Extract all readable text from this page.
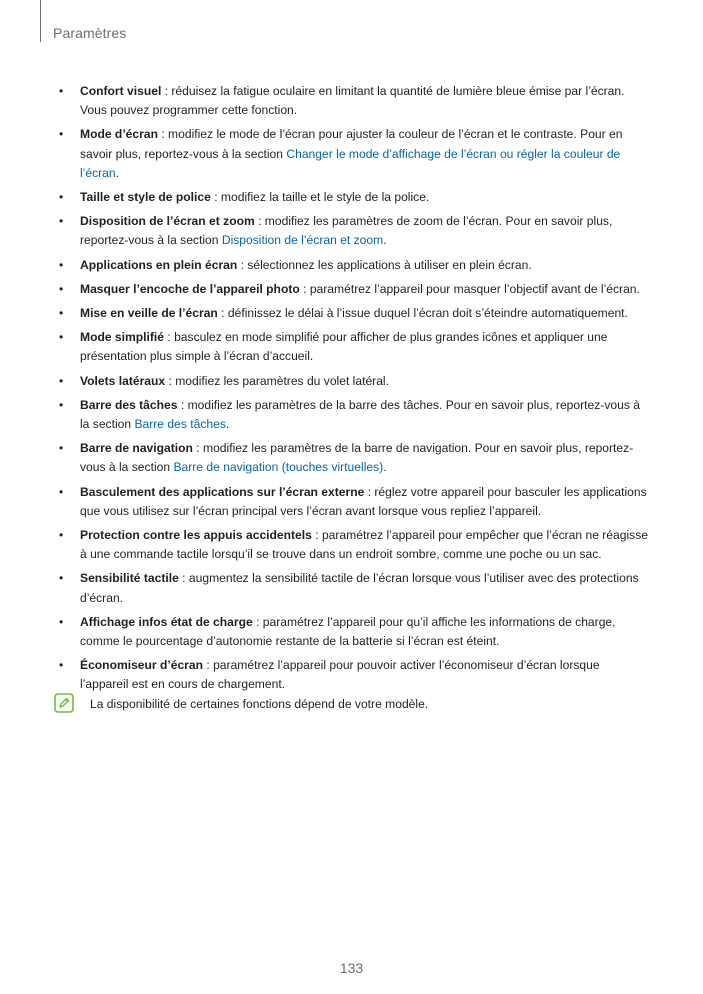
Paramètres
• Confort visuel : réduisez la fatigue oculaire en limitant la quantité de lumière bleue émise par l’écran. Vous pouvez programmer cette fonction.
• Mode d’écran : modifiez le mode de l’écran pour ajuster la couleur de l’écran et le contraste. Pour en savoir plus, reportez-vous à la section Changer le mode d’affichage de l’écran ou régler la couleur de l’écran.
• Taille et style de police : modifiez la taille et le style de la police.
• Disposition de l’écran et zoom : modifiez les paramètres de zoom de l’écran. Pour en savoir plus, reportez-vous à la section Disposition de l’écran et zoom.
• Applications en plein écran : sélectionnez les applications à utiliser en plein écran.
• Masquer l’encoche de l’appareil photo : paramétrez l’appareil pour masquer l’objectif avant de l’écran.
• Mise en veille de l’écran : définissez le délai à l’issue duquel l’écran doit s’éteindre automatiquement.
• Mode simplifié : basculez en mode simplifié pour afficher de plus grandes icônes et appliquer une présentation plus simple à l’écran d’accueil.
• Volets latéraux : modifiez les paramètres du volet latéral.
• Barre des tâches : modifiez les paramètres de la barre des tâches. Pour en savoir plus, reportez-vous à la section Barre des tâches.
• Barre de navigation : modifiez les paramètres de la barre de navigation. Pour en savoir plus, reportez-vous à la section Barre de navigation (touches virtuelles).
• Basculement des applications sur l’écran externe : réglez votre appareil pour basculer les applications que vous utilisez sur l’écran principal vers l’écran avant lorsque vous repliez l’appareil.
• Protection contre les appuis accidentels : paramétrez l’appareil pour empêcher que l’écran ne réagisse à une commande tactile lorsqu’il se trouve dans un endroit sombre, comme une poche ou un sac.
• Sensibilité tactile : augmentez la sensibilité tactile de l’écran lorsque vous l’utiliser avec des protections d’écran.
• Affichage infos état de charge : paramétrez l’appareil pour qu’il affiche les informations de charge, comme le pourcentage d’autonomie restante de la batterie si l’écran est éteint.
• Économiseur d’écran : paramétrez l’appareil pour pouvoir activer l’économiseur d’écran lorsque l’appareil est en cours de chargement.
La disponibilité de certaines fonctions dépend de votre modèle.
133
